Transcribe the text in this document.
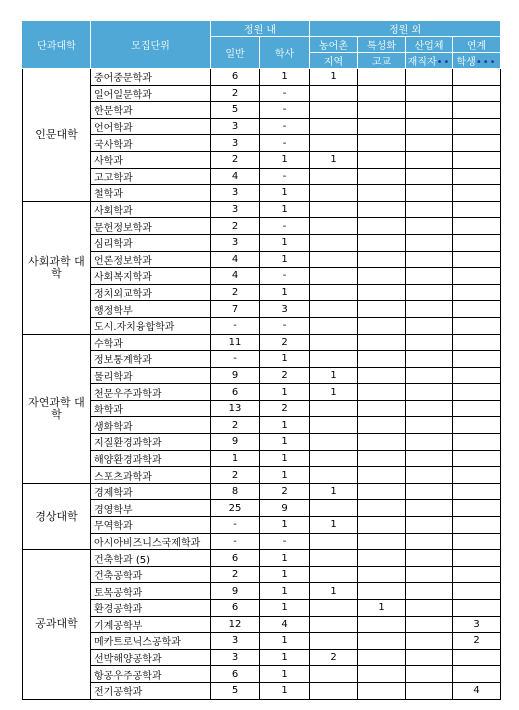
단과대학	모집단위	정원 내		정원 외			
		일반	학사	농어촌	특성화	산업체	연계
				지역	고교	재직자••	학생•••
인문대학	중어중문학과	6	1	1			
	일어일문학과	2	-				
	한문학과	5	-				
	언어학과	3	-				
	국사학과	3	-				
	사학과	2	1	1			
	고고학과	4	-				
	철학과	3	1				
사회과학 대학	사회학과	3	1				
	문헌정보학과	2	-				
	심리학과	3	1				
	언론정보학과	4	1				
	사회복지학과	4	-				
	정치외교학과	2	1				
	행정학부	7	3				
	도시.자치융합학과	-	-				
자연과학 대학	수학과	11	2				
	정보통계학과	-	1				
	물리학과	9	2	1			
	천문우주과학과	6	1	1			
	화학과	13	2				
	생화학과	2	1				
	지질환경과학과	9	1				
	해양환경과학과	1	1				
	스포츠과학과	2	1				
경상대학	경제학과	8	2	1			
	경영학부	25	9				
	무역학과	-	1	1			
	아시아비즈니스국제학과	-	-				
공과대학	건축학과 (5)	6	1				
	건축공학과	2	1				
	토목공학과	9	1	1			
	환경공학과	6	1		1		
	기계공학부	12	4				3
	메카트로닉스공학과	3	1				2
	선박해양공학과	3	1	2			
	항공우주공학과	6	1				
	전기공학과	5	1				4
